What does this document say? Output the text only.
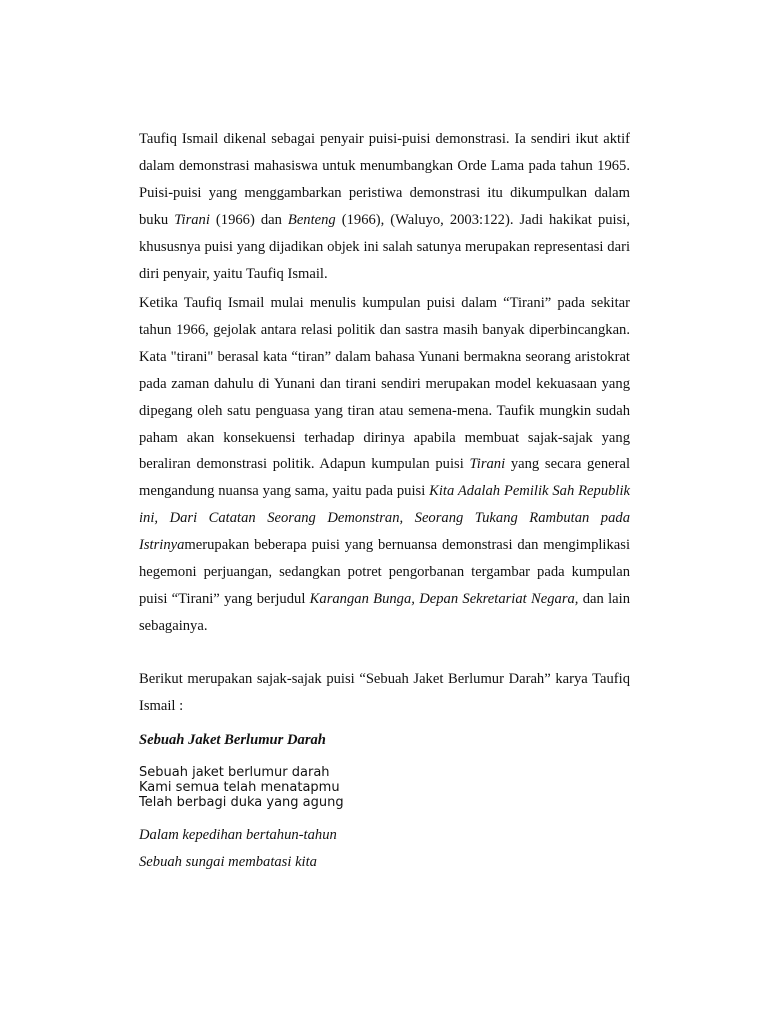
Taufiq Ismail dikenal sebagai penyair puisi-puisi demonstrasi. Ia sendiri ikut aktif dalam demonstrasi mahasiswa untuk menumbangkan Orde Lama pada tahun 1965. Puisi-puisi yang menggambarkan peristiwa demonstrasi itu dikumpulkan dalam buku Tirani (1966) dan Benteng (1966), (Waluyo, 2003:122). Jadi hakikat puisi, khususnya puisi yang dijadikan objek ini salah satunya merupakan representasi dari diri penyair, yaitu Taufiq Ismail.

Ketika Taufiq Ismail mulai menulis kumpulan puisi dalam “Tirani” pada sekitar tahun 1966, gejolak antara relasi politik dan sastra masih banyak diperbincangkan. Kata "tirani" berasal kata “tiran” dalam bahasa Yunani bermakna seorang aristokrat pada zaman dahulu di Yunani dan tirani sendiri merupakan model kekuasaan yang dipegang oleh satu penguasa yang tiran atau semena-mena. Taufik mungkin sudah paham akan konsekuensi terhadap dirinya apabila membuat sajak-sajak yang beraliran demonstrasi politik. Adapun kumpulan puisi Tirani yang secara general mengandung nuansa yang sama, yaitu pada puisi Kita Adalah Pemilik Sah Republik ini, Dari Catatan Seorang Demonstran, Seorang Tukang Rambutan pada Istrinyamerupakan beberapa puisi yang bernuansa demonstrasi dan mengimplikasi hegemoni perjuangan, sedangkan potret pengorbanan tergambar pada kumpulan puisi “Tirani” yang berjudul Karangan Bunga, Depan Sekretariat Negara, dan lain sebagainya.

Berikut merupakan sajak-sajak puisi “Sebuah Jaket Berlumur Darah” karya Taufiq Ismail :

Sebuah Jaket Berlumur Darah
Sebuah jaket berlumur darah
Kami semua telah menatapmu
Telah berbagi duka yang agung
Dalam kepedihan bertahun-tahun
Sebuah sungai membatasi kita
